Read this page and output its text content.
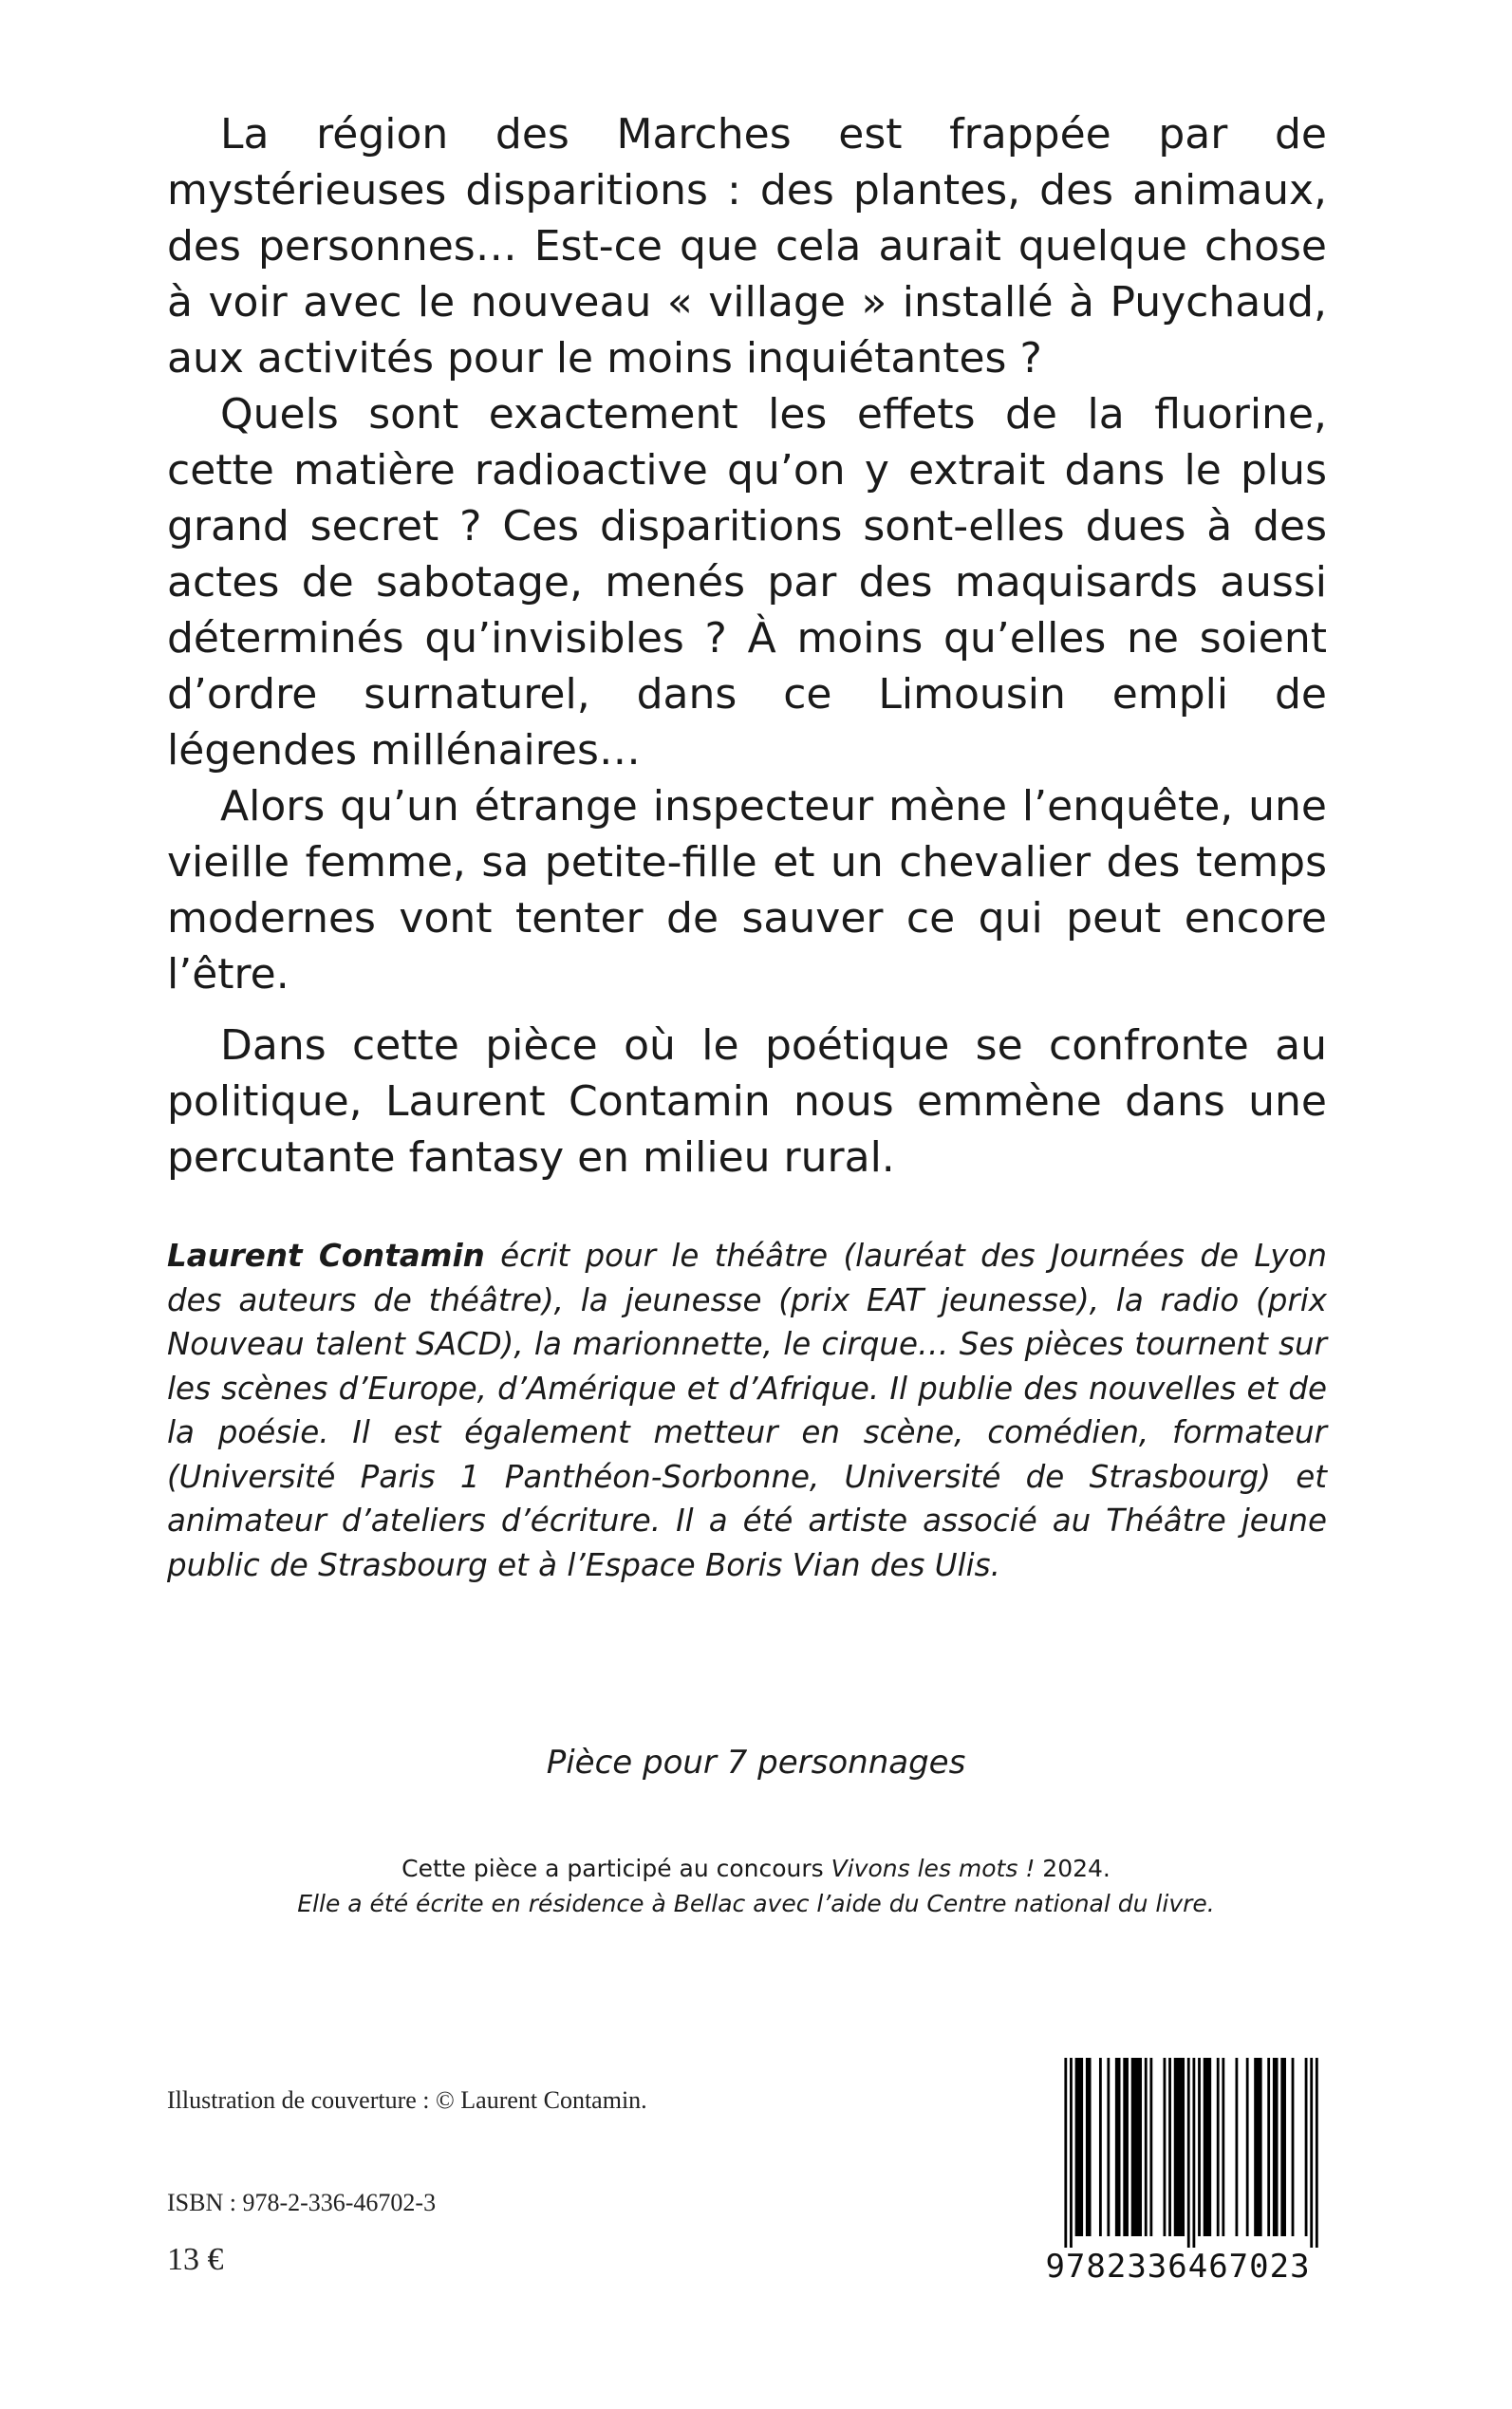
La région des Marches est frappée par de mystérieuses disparitions : des plantes, des animaux, des personnes… Est-ce que cela aurait quelque chose à voir avec le nouveau « village » installé à Puychaud, aux activités pour le moins inquiétantes ?

Quels sont exactement les effets de la fluorine, cette matière radioactive qu’on y extrait dans le plus grand secret ? Ces disparitions sont-elles dues à des actes de sabotage, menés par des maquisards aussi déterminés qu’invisibles ? À moins qu’elles ne soient d’ordre surnaturel, dans ce Limousin empli de légendes millénaires…

Alors qu’un étrange inspecteur mène l’enquête, une vieille femme, sa petite-fille et un chevalier des temps modernes vont tenter de sauver ce qui peut encore l’être.

Dans cette pièce où le poétique se confronte au politique, Laurent Contamin nous emmène dans une percutante fantasy en milieu rural.

Laurent Contamin écrit pour le théâtre (lauréat des Journées de Lyon des auteurs de théâtre), la jeunesse (prix EAT jeunesse), la radio (prix Nouveau talent SACD), la marionnette, le cirque… Ses pièces tournent sur les scènes d’Europe, d’Amérique et d’Afrique. Il publie des nouvelles et de la poésie. Il est également metteur en scène, comédien, formateur (Université Paris 1 Panthéon-Sorbonne, Université de Strasbourg) et animateur d’ateliers d’écriture. Il a été artiste associé au Théâtre jeune public de Strasbourg et à l’Espace Boris Vian des Ulis.

Pièce pour 7 personnages

Cette pièce a participé au concours Vivons les mots ! 2024.
Elle a été écrite en résidence à Bellac avec l’aide du Centre national du livre.

Illustration de couverture : © Laurent Contamin.

ISBN : 978-2-336-46702-3

13 €	9782336467023
